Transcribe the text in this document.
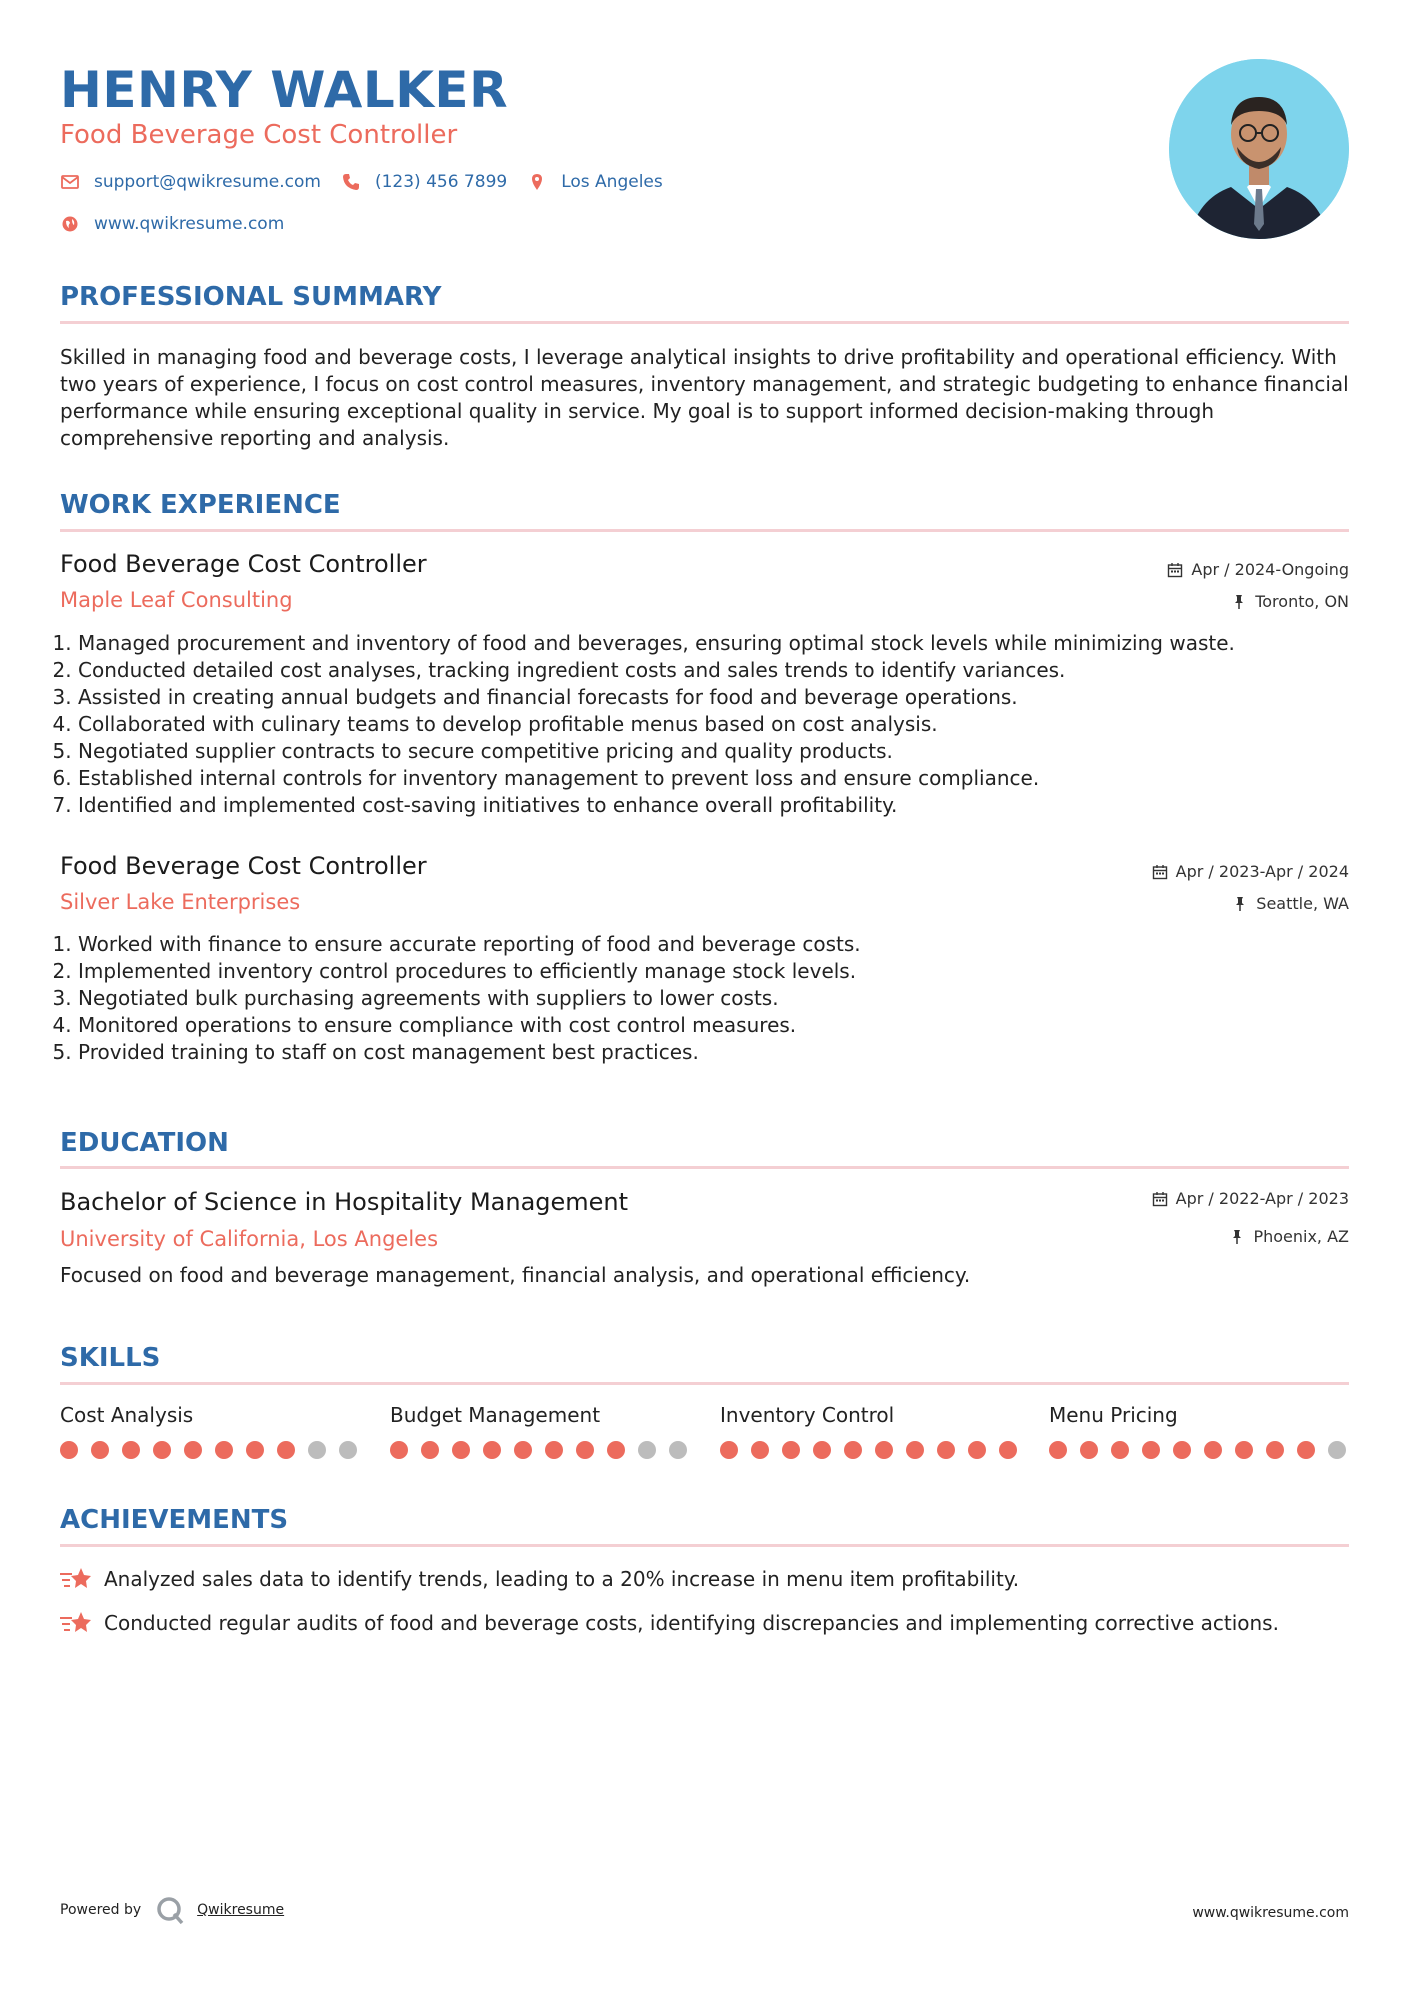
HENRY WALKER
Food Beverage Cost Controller
support@qwikresume.com	(123) 456 7899	Los Angeles
www.qwikresume.com
PROFESSIONAL SUMMARY
Skilled in managing food and beverage costs, I leverage analytical insights to drive profitability and operational efficiency. With two years of experience, I focus on cost control measures, inventory management, and strategic budgeting to enhance financial performance while ensuring exceptional quality in service. My goal is to support informed decision-making through comprehensive reporting and analysis.
WORK EXPERIENCE
Food Beverage Cost Controller
Maple Leaf Consulting
Apr / 2024-Ongoing
Toronto, ON
1. Managed procurement and inventory of food and beverages, ensuring optimal stock levels while minimizing waste.
2. Conducted detailed cost analyses, tracking ingredient costs and sales trends to identify variances.
3. Assisted in creating annual budgets and financial forecasts for food and beverage operations.
4. Collaborated with culinary teams to develop profitable menus based on cost analysis.
5. Negotiated supplier contracts to secure competitive pricing and quality products.
6. Established internal controls for inventory management to prevent loss and ensure compliance.
7. Identified and implemented cost-saving initiatives to enhance overall profitability.
Food Beverage Cost Controller
Silver Lake Enterprises
Apr / 2023-Apr / 2024
Seattle, WA
1. Worked with finance to ensure accurate reporting of food and beverage costs.
2. Implemented inventory control procedures to efficiently manage stock levels.
3. Negotiated bulk purchasing agreements with suppliers to lower costs.
4. Monitored operations to ensure compliance with cost control measures.
5. Provided training to staff on cost management best practices.
EDUCATION
Bachelor of Science in Hospitality Management
University of California, Los Angeles
Apr / 2022-Apr / 2023
Phoenix, AZ
Focused on food and beverage management, financial analysis, and operational efficiency.
SKILLS
Cost Analysis	Budget Management	Inventory Control	Menu Pricing
ACHIEVEMENTS
Analyzed sales data to identify trends, leading to a 20% increase in menu item profitability.
Conducted regular audits of food and beverage costs, identifying discrepancies and implementing corrective actions.
Powered by	Qwikresume	www.qwikresume.com
